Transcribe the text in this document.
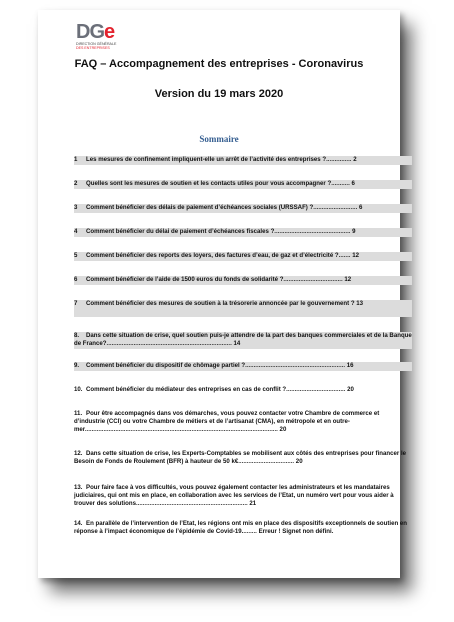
DGe
DIRECTION GÉNÉRALE
DES ENTREPRISES
FAQ – Accompagnement des entreprises - Coronavirus
Version du 19 mars 2020
Sommaire
1 Les mesures de confinement impliquent-elle un arrêt de l’activité des entreprises ?............... 2
2 Quelles sont les mesures de soutien et les contacts utiles pour vous accompagner ?........... 6
3 Comment bénéficier des délais de paiement d’échéances sociales (URSSAF) ?.......................... 6
4 Comment bénéficier du délai de paiement d’échéances fiscales ?............................................. 9
5 Comment bénéficier des reports des loyers, des factures d’eau, de gaz et d’électricité ?....... 12
6 Comment bénéficier de l’aide de 1500 euros du fonds de solidarité ?................................... 12
7 Comment bénéficier des mesures de soutien à la trésorerie annoncée par le gouvernement ? 13
8. Dans cette situation de crise, quel soutien puis-je attendre de la part des banques commerciales et de la Banque de France?.......................................................................... 14
9. Comment bénéficier du dispositif de chômage partiel ?........................................................... 16
10. Comment bénéficier du médiateur des entreprises en cas de conflit ?................................... 20
11. Pour être accompagnés dans vos démarches, vous pouvez contacter votre Chambre de commerce et d’industrie (CCI) ou votre Chambre de métiers et de l’artisanat (CMA), en métropole et en outre-mer.................................................................................................................. 20
12. Dans cette situation de crise, les Experts-Comptables se mobilisent aux côtés des entreprises pour financer le Besoin de Fonds de Roulement (BFR) à hauteur de 50 k€................................. 20
13. Pour faire face à vos difficultés, vous pouvez également contacter les administrateurs et les mandataires judiciaires, qui ont mis en place, en collaboration avec les services de l’Etat, un numéro vert pour vous aider à trouver des solutions.................................................................. 21
14. En parallèle de l’intervention de l’Etat, les régions ont mis en place des dispositifs exceptionnels de soutien en réponse à l’impact économique de l’épidémie de Covid-19......... Erreur ! Signet non défini.
